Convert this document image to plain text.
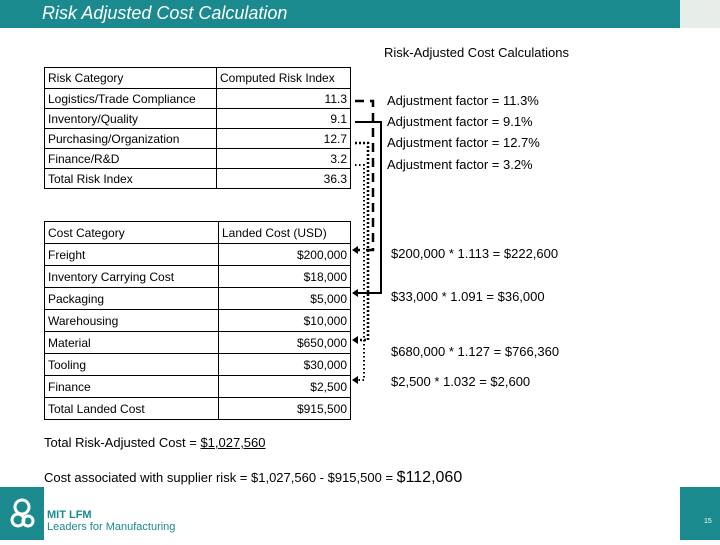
Risk Adjusted Cost Calculation
Risk-Adjusted Cost Calculations
Risk Category	Computed Risk Index
Logistics/Trade Compliance	11.3
Inventory/Quality	9.1
Purchasing/Organization	12.7
Finance/R&D	3.2
Total Risk Index	36.3
Adjustment factor = 11.3%
Adjustment factor = 9.1%
Adjustment factor = 12.7%
Adjustment factor = 3.2%
Cost Category	Landed Cost (USD)
Freight	$200,000
Inventory Carrying Cost	$18,000
Packaging	$5,000
Warehousing	$10,000
Material	$650,000
Tooling	$30,000
Finance	$2,500
Total Landed Cost	$915,500
$200,000 * 1.113 = $222,600
$33,000 * 1.091 = $36,000
$680,000 * 1.127 = $766,360
$2,500 * 1.032 = $2,600
Total Risk-Adjusted Cost = $1,027,560
Cost associated with supplier risk = $1,027,560 - $915,500 = $112,060
MIT LFM
Leaders for Manufacturing	15
